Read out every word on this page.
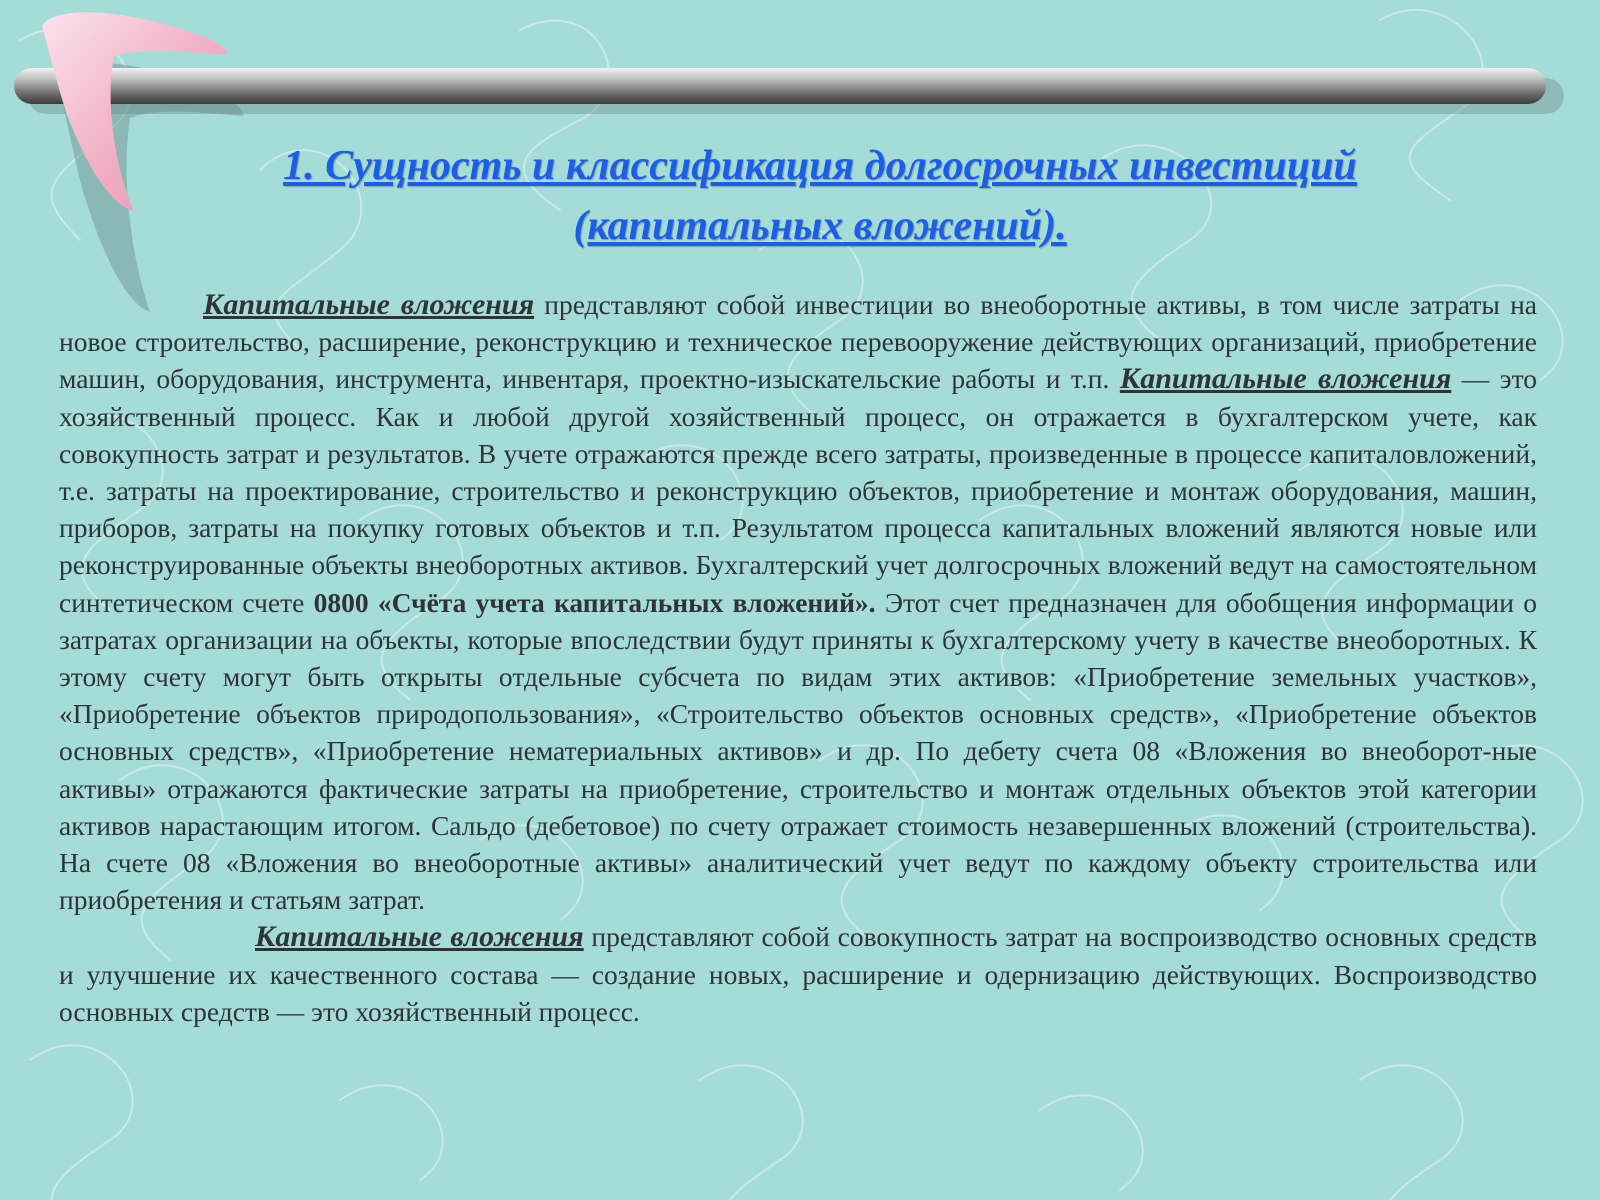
1. Сущность и классификация долгосрочных инвестиций
(капитальных вложений).

Капитальные вложения представляют собой инвестиции во внеоборотные активы, в том числе затраты на новое строительство, расширение, реконструкцию и техническое перевооружение действующих организаций, приобретение машин, оборудования, инструмента, инвентаря, проектно-изыскательские работы и т.п. Капитальные вложения — это хозяйственный процесс. Как и любой другой хозяйственный процесс, он отражается в бухгалтерском учете, как совокупность затрат и результатов. В учете отражаются прежде всего затраты, произведенные в процессе капиталовложений, т.е. затраты на проектирование, строительство и реконструкцию объектов, приобретение и монтаж оборудования, машин, приборов, затраты на покупку готовых объектов и т.п. Результатом процесса капитальных вложений являются новые или реконструированные объекты внеоборотных активов. Бухгалтерский учет долгосрочных вложений ведут на самостоятельном синтетическом счете 0800 «Счёта учета капитальных вложений». Этот счет предназначен для обобщения информации о затратах организации на объекты, которые впоследствии будут приняты к бухгалтерскому учету в качестве внеоборотных. К этому счету могут быть открыты отдельные субсчета по видам этих активов: «Приобретение земельных участков», «Приобретение объектов природопользования», «Строительство объектов основных средств», «Приобретение объектов основных средств», «Приобретение нематериальных активов» и др. По дебету счета 08 «Вложения во внеоборот-ные активы» отражаются фактические затраты на приобретение, строительство и монтаж отдельных объектов этой категории активов нарастающим итогом. Сальдо (дебетовое) по счету отражает стоимость незавершенных вложений (строительства). На счете 08 «Вложения во внеоборотные активы» аналитический учет ведут по каждому объекту строительства или приобретения и статьям затрат.

Капитальные вложения представляют собой совокупность затрат на воспроизводство основных средств и улучшение их качественного состава — создание новых, расширение и одернизацию действующих. Воспроизводство основных средств — это хозяйственный процесс.
